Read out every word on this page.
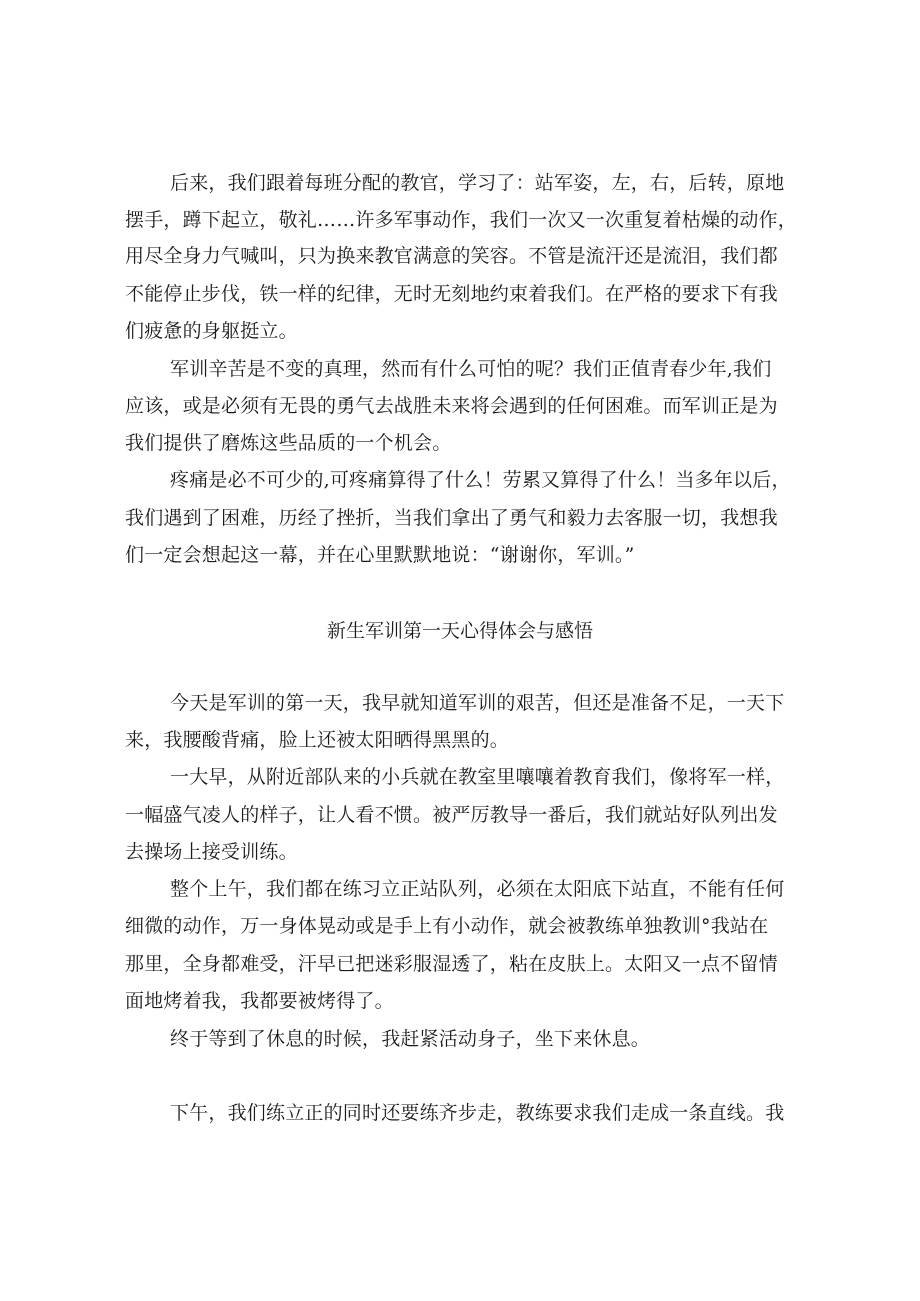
后来，我们跟着每班分配的教官，学习了：站军姿，左，右，后转，原地
摆手，蹲下起立，敬礼……许多军事动作，我们一次又一次重复着枯燥的动作，
用尽全身力气喊叫，只为换来教官满意的笑容。不管是流汗还是流泪，我们都
不能停止步伐，铁一样的纪律，无时无刻地约束着我们。在严格的要求下有我
们疲惫的身躯挺立。
军训辛苦是不变的真理，然而有什么可怕的呢？我们正值青春少年,我们
应该，或是必须有无畏的勇气去战胜未来将会遇到的任何困难。而军训正是为
我们提供了磨炼这些品质的一个机会。
疼痛是必不可少的,可疼痛算得了什么！劳累又算得了什么！当多年以后，
我们遇到了困难，历经了挫折，当我们拿出了勇气和毅力去客服一切，我想我
们一定会想起这一幕，并在心里默默地说：“谢谢你，军训。”
新生军训第一天心得体会与感悟
今天是军训的第一天，我早就知道军训的艰苦，但还是准备不足，一天下
来，我腰酸背痛，脸上还被太阳晒得黑黑的。
一大早，从附近部队来的小兵就在教室里嚷嚷着教育我们，像将军一样，
一幅盛气凌人的样子，让人看不惯。被严厉教导一番后，我们就站好队列出发
去操场上接受训练。
整个上午，我们都在练习立正站队列，必须在太阳底下站直，不能有任何
细微的动作，万一身体晃动或是手上有小动作，就会被教练单独教训°我站在
那里，全身都难受，汗早已把迷彩服湿透了，粘在皮肤上。太阳又一点不留情
面地烤着我，我都要被烤得了。
终于等到了休息的时候，我赶紧活动身子，坐下来休息。
下午，我们练立正的同时还要练齐步走，教练要求我们走成一条直线。我
